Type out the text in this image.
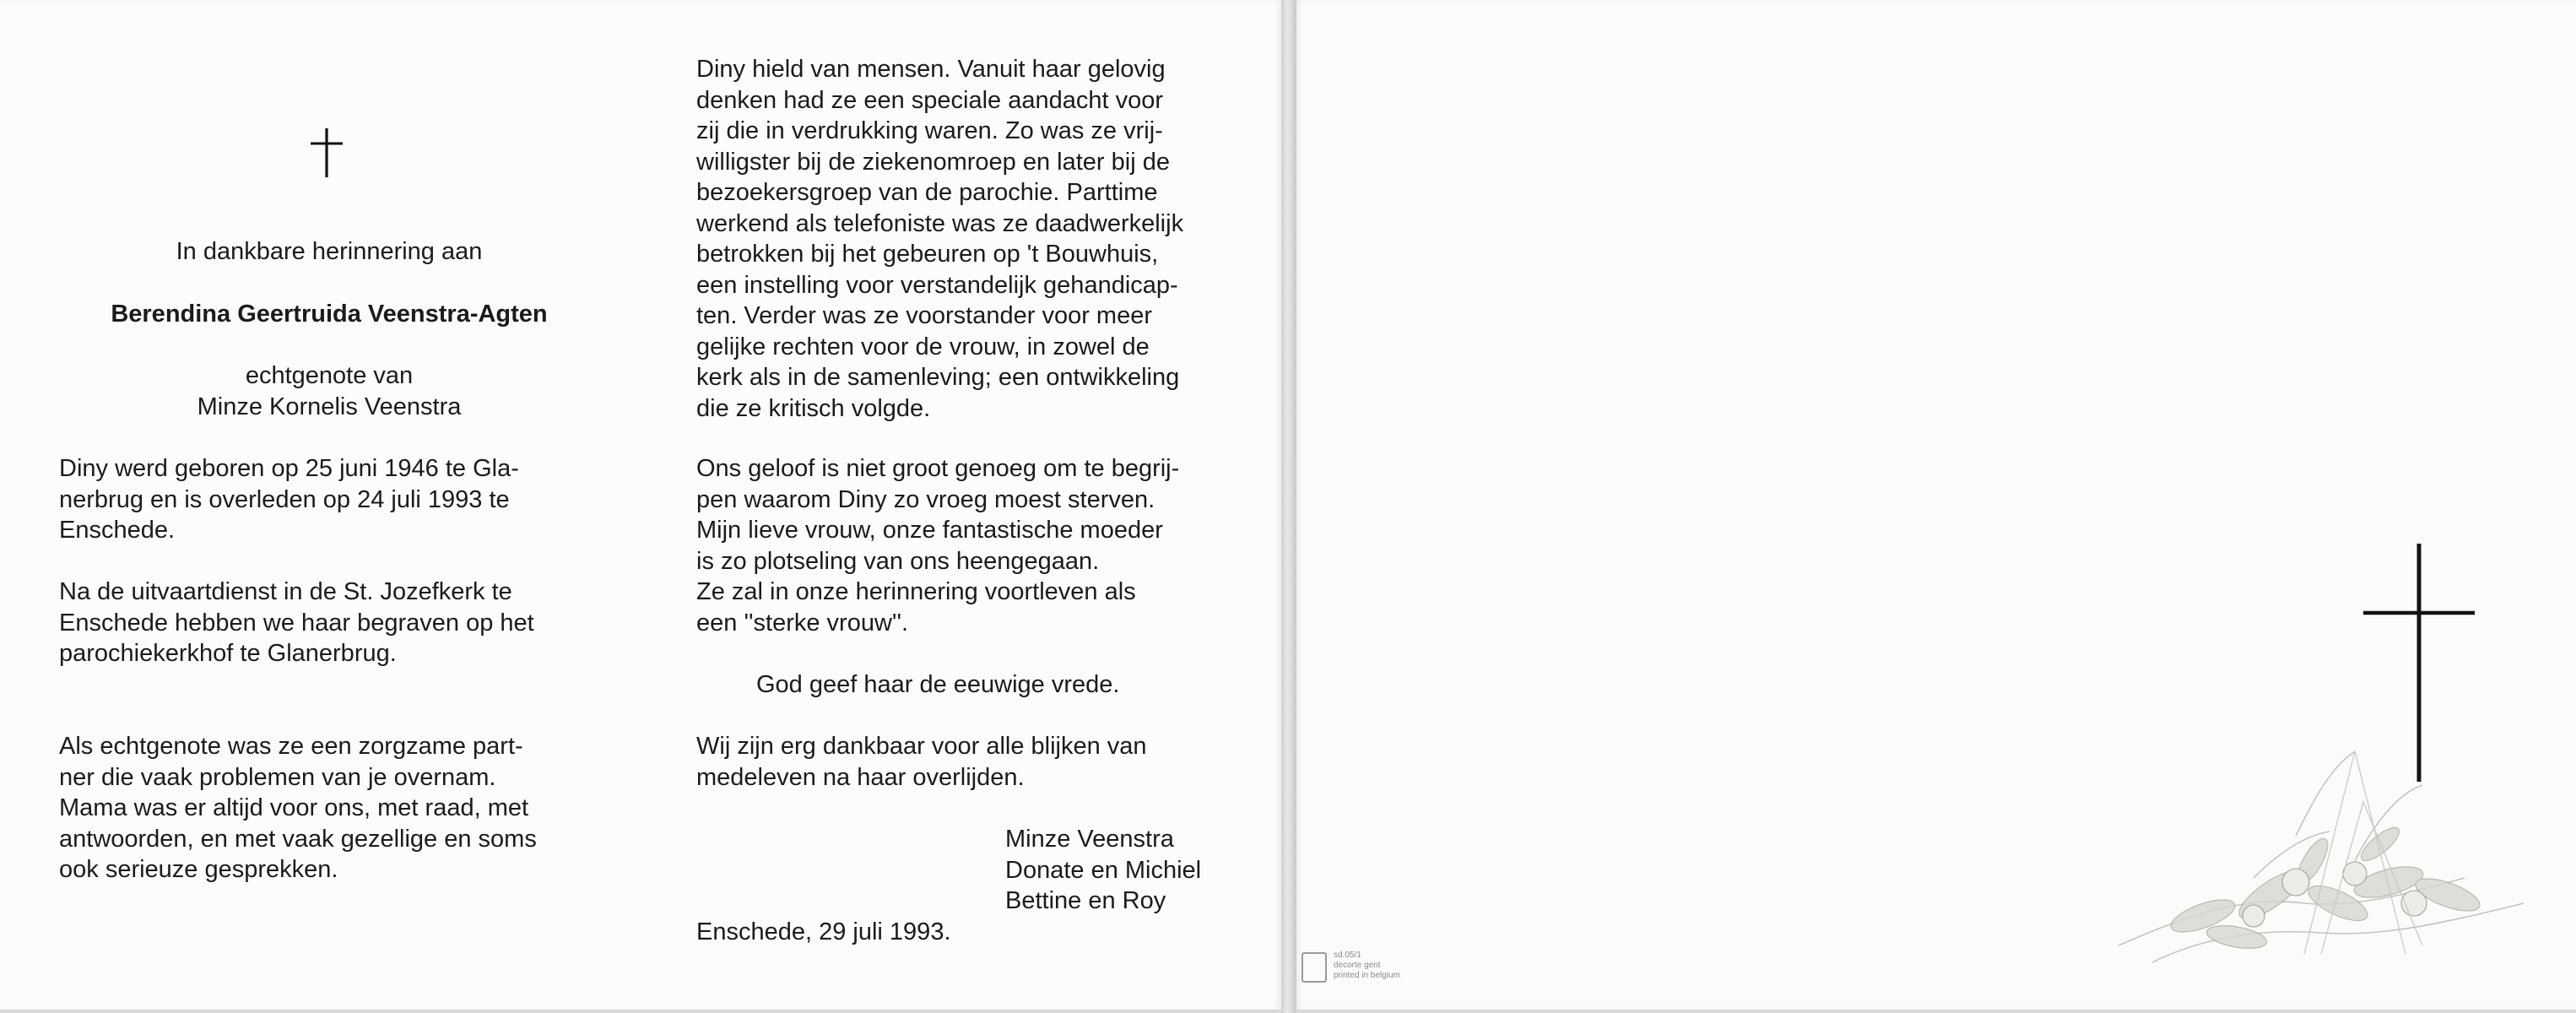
In dankbare herinnering aan

Berendina Geertruida Veenstra-Agten

echtgenote van

Minze Kornelis Veenstra

Diny werd geboren op 25 juni 1946 te Gla-
nerbrug en is overleden op 24 juli 1993 te
Enschede.
Na de uitvaartdienst in de St. Jozefkerk te
Enschede hebben we haar begraven op het
parochiekerkhof te Glanerbrug.
Als echtgenote was ze een zorgzame part-
ner die vaak problemen van je overnam.
Mama was er altijd voor ons, met raad, met
antwoorden, en met vaak gezellige en soms
ook serieuze gesprekken.
Diny hield van mensen. Vanuit haar gelovig
denken had ze een speciale aandacht voor
zij die in verdrukking waren. Zo was ze vrij-
willigster bij de ziekenomroep en later bij de
bezoekersgroep van de parochie. Parttime
werkend als telefoniste was ze daadwerkelijk
betrokken bij het gebeuren op 't Bouwhuis,
een instelling voor verstandelijk gehandicap-
ten. Verder was ze voorstander voor meer
gelijke rechten voor de vrouw, in zowel de
kerk als in de samenleving; een ontwikkeling
die ze kritisch volgde.
Ons geloof is niet groot genoeg om te begrij-
pen waarom Diny zo vroeg moest sterven.
Mijn lieve vrouw, onze fantastische moeder
is zo plotseling van ons heengegaan.
Ze zal in onze herinnering voortleven als
een ''sterke vrouw''.

God geef haar de eeuwige vrede.

Wij zijn erg dankbaar voor alle blijken van
medeleven na haar overlijden.
Minze Veenstra
Donate en Michiel
Bettine en Roy

Enschede, 29 juli 1993.

sd.05/1
decorte gent
printed in belgium
